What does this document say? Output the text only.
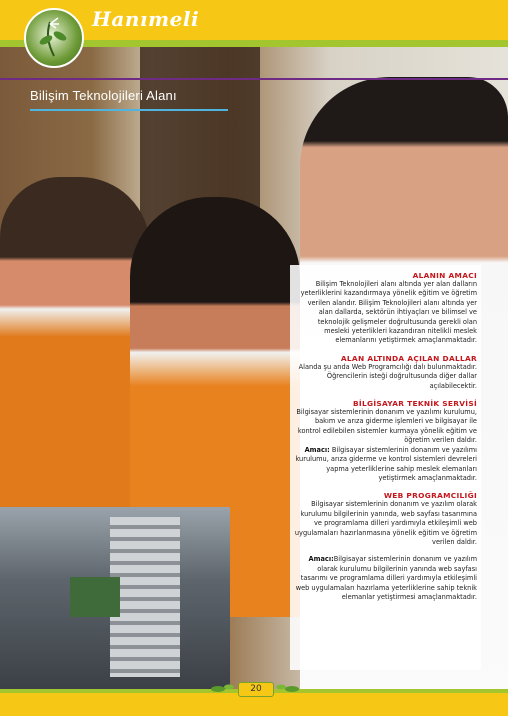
Hanımeli
Bilişim Teknolojileri Alanı

ALANIN AMACI

Bilişim Teknolojileri alanı altında yer alan dalların yeterliklerini kazandırmaya yönelik eğitim ve öğretim verilen alandır. Bilişim Teknolojileri alanı altında yer alan dallarda, sektörün ihtiyaçları ve bilimsel ve teknolojik gelişmeler doğrultusunda gerekli olan mesleki yeterlikleri kazandıran nitelikli meslek elemanlarını yetiştirmek amaçlanmaktadır.

ALAN ALTINDA AÇILAN DALLAR

Alanda şu anda Web Programcılığı dalı bulunmaktadır. Öğrencilerin isteği doğrultusunda diğer dallar açılabilecektir.

BİLGİSAYAR TEKNİK SERVİSİ

Bilgisayar sistemlerinin donanım ve yazılımı kurulumu, bakım ve arıza giderme işlemleri ve bilgisayar ile kontrol edilebilen sistemler kurmaya yönelik eğitim ve öğretim verilen daldır.

Amacı: Bilgisayar sistemlerinin donanım ve yazılımı kurulumu, arıza giderme ve kontrol sistemleri devreleri yapma yeterliklerine sahip meslek elemanları yetiştirmek amaçlanmaktadır.

WEB PROGRAMCILIĞI

Bilgisayar sistemlerinin donanım ve yazılım olarak kurulumu bilgilerinin yanında, web sayfası tasarımına ve programlama dilleri yardımıyla etkileşimli web uygulamaları hazırlanmasına yönelik eğitim ve öğretim verilen daldır.

Amacı:Bilgisayar sistemlerinin donanım ve yazılım olarak kurulumu bilgilerinin yanında web sayfası tasarımı ve programlama dilleri yardımıyla etkileşimli web uygulamaları hazırlama yeterliklerine sahip teknik elemanlar yetiştirmesi amaçlanmaktadır.

20
